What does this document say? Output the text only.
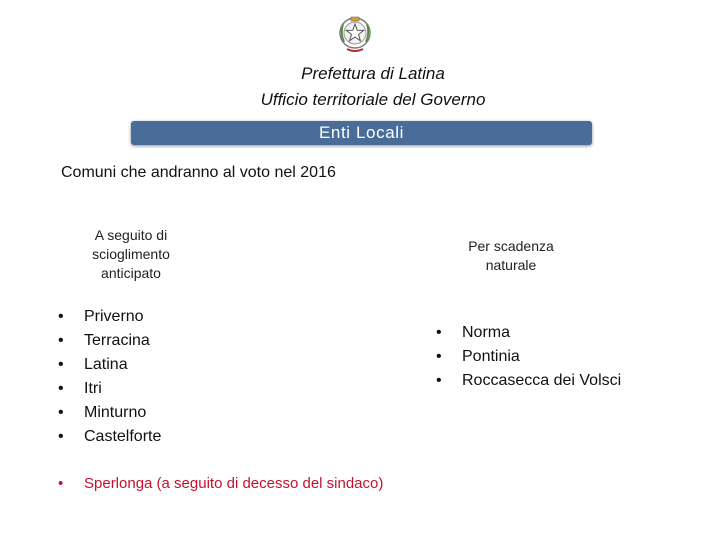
Prefettura di Latina
Ufficio territoriale del Governo
Enti Locali
Comuni che andranno al voto nel 2016
A seguito di
scioglimento
anticipato
Per scadenza
naturale
• Priverno
• Terracina
• Latina
• Itri
• Minturno
• Castelforte
• Norma
• Pontinia
• Roccasecca dei Volsci
• Sperlonga (a seguito di decesso del sindaco)
